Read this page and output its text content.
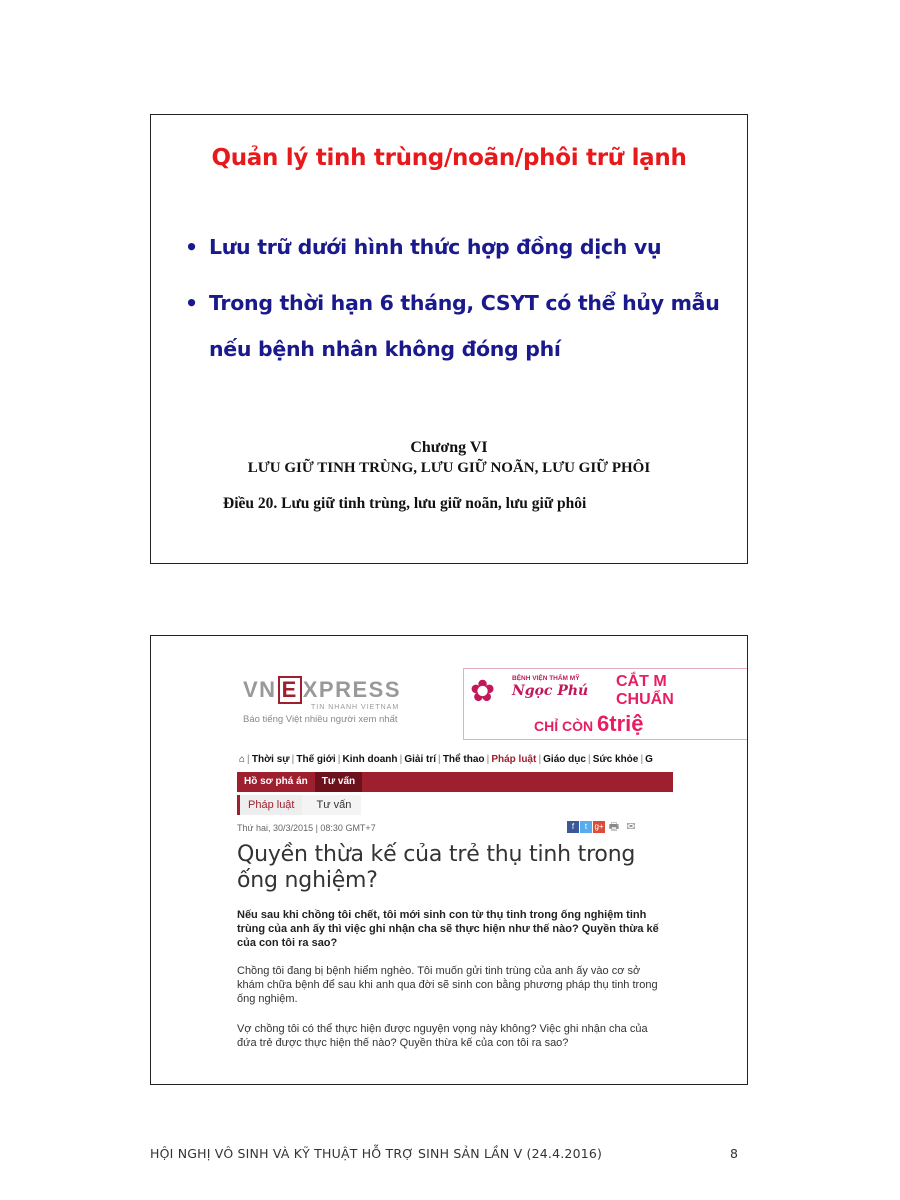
Quản lý tinh trùng/noãn/phôi trữ lạnh
• Lưu trữ dưới hình thức hợp đồng dịch vụ
• Trong thời hạn 6 tháng, CSYT có thể hủy mẫu nếu bệnh nhân không đóng phí
Chương VI
LƯU GIỮ TINH TRÙNG, LƯU GIỮ NOÃN, LƯU GIỮ PHÔI
Điều 20. Lưu giữ tinh trùng, lưu giữ noãn, lưu giữ phôi
VN E XPRESS
TIN NHANH VIETNAM
Báo tiếng Việt nhiều người xem nhất
✿	BỆNH VIỆN THẨM MỸ
Ngọc Phú
CẮT M
CHUẨN
CHỈ CÒN 6triệ
⌂ | Thời sự | Thế giới | Kinh doanh | Giải trí | Thể thao | Pháp luật | Giáo dục | Sức khỏe | G
Hồ sơ phá án Tư vấn
Pháp luật Tư vấn
Thứ hai, 30/3/2015 | 08:30 GMT+7	f t g+ 🖶 ✉
Quyền thừa kế của trẻ thụ tinh trong ống nghiệm?
Nếu sau khi chồng tôi chết, tôi mới sinh con từ thụ tinh trong ống nghiệm tinh trùng của anh ấy thì việc ghi nhận cha sẽ thực hiện như thế nào? Quyền thừa kế của con tôi ra sao?
Chồng tôi đang bị bệnh hiểm nghèo. Tôi muốn gửi tinh trùng của anh ấy vào cơ sở khám chữa bệnh để sau khi anh qua đời sẽ sinh con bằng phương pháp thụ tinh trong ống nghiệm.
Vợ chồng tôi có thể thực hiện được nguyện vọng này không? Việc ghi nhận cha của đứa trẻ được thực hiện thế nào? Quyền thừa kế của con tôi ra sao?
HỘI NGHỊ VÔ SINH VÀ KỸ THUẬT HỖ TRỢ SINH SẢN LẦN V (24.4.2016)	8
